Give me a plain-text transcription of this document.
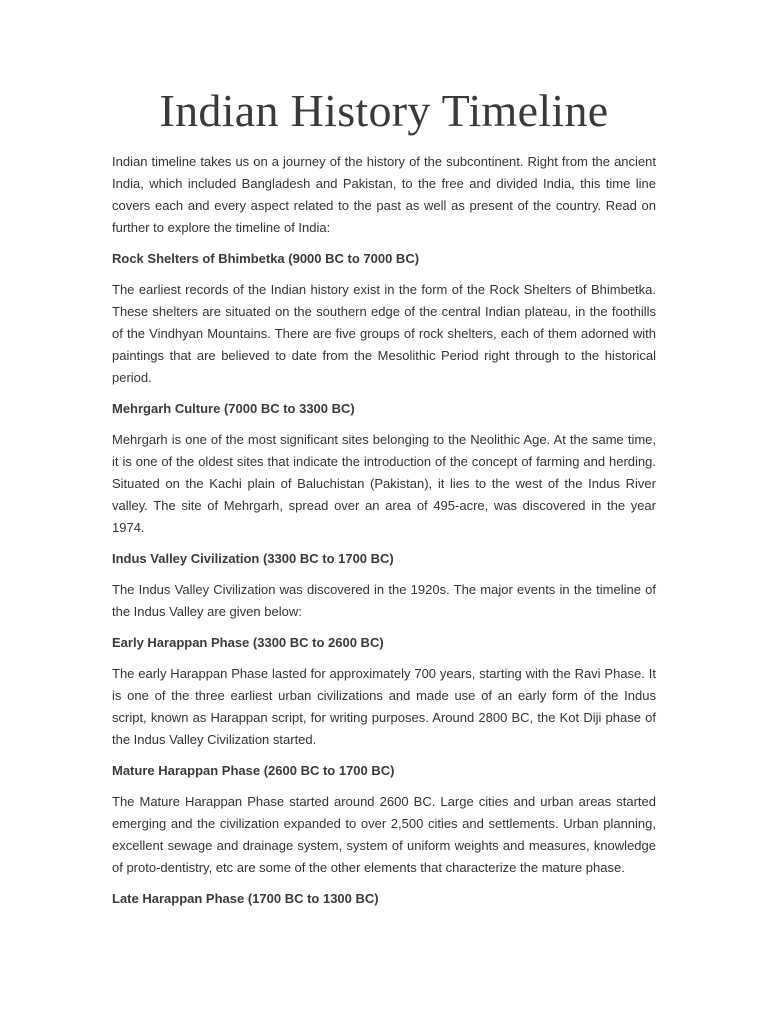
Indian History Timeline

Indian timeline takes us on a journey of the history of the subcontinent. Right from the ancient India, which included Bangladesh and Pakistan, to the free and divided India, this time line covers each and every aspect related to the past as well as present of the country. Read on further to explore the timeline of India:

Rock Shelters of Bhimbetka (9000 BC to 7000 BC)

The earliest records of the Indian history exist in the form of the Rock Shelters of Bhimbetka. These shelters are situated on the southern edge of the central Indian plateau, in the foothills of the Vindhyan Mountains. There are five groups of rock shelters, each of them adorned with paintings that are believed to date from the Mesolithic Period right through to the historical period.

Mehrgarh Culture (7000 BC to 3300 BC)

Mehrgarh is one of the most significant sites belonging to the Neolithic Age. At the same time, it is one of the oldest sites that indicate the introduction of the concept of farming and herding. Situated on the Kachi plain of Baluchistan (Pakistan), it lies to the west of the Indus River valley. The site of Mehrgarh, spread over an area of 495-acre, was discovered in the year 1974.

Indus Valley Civilization (3300 BC to 1700 BC)

The Indus Valley Civilization was discovered in the 1920s. The major events in the timeline of the Indus Valley are given below:

Early Harappan Phase (3300 BC to 2600 BC)

The early Harappan Phase lasted for approximately 700 years, starting with the Ravi Phase. It is one of the three earliest urban civilizations and made use of an early form of the Indus script, known as Harappan script, for writing purposes. Around 2800 BC, the Kot Diji phase of the Indus Valley Civilization started.

Mature Harappan Phase (2600 BC to 1700 BC)

The Mature Harappan Phase started around 2600 BC. Large cities and urban areas started emerging and the civilization expanded to over 2,500 cities and settlements. Urban planning, excellent sewage and drainage system, system of uniform weights and measures, knowledge of proto-dentistry, etc are some of the other elements that characterize the mature phase.

Late Harappan Phase (1700 BC to 1300 BC)
